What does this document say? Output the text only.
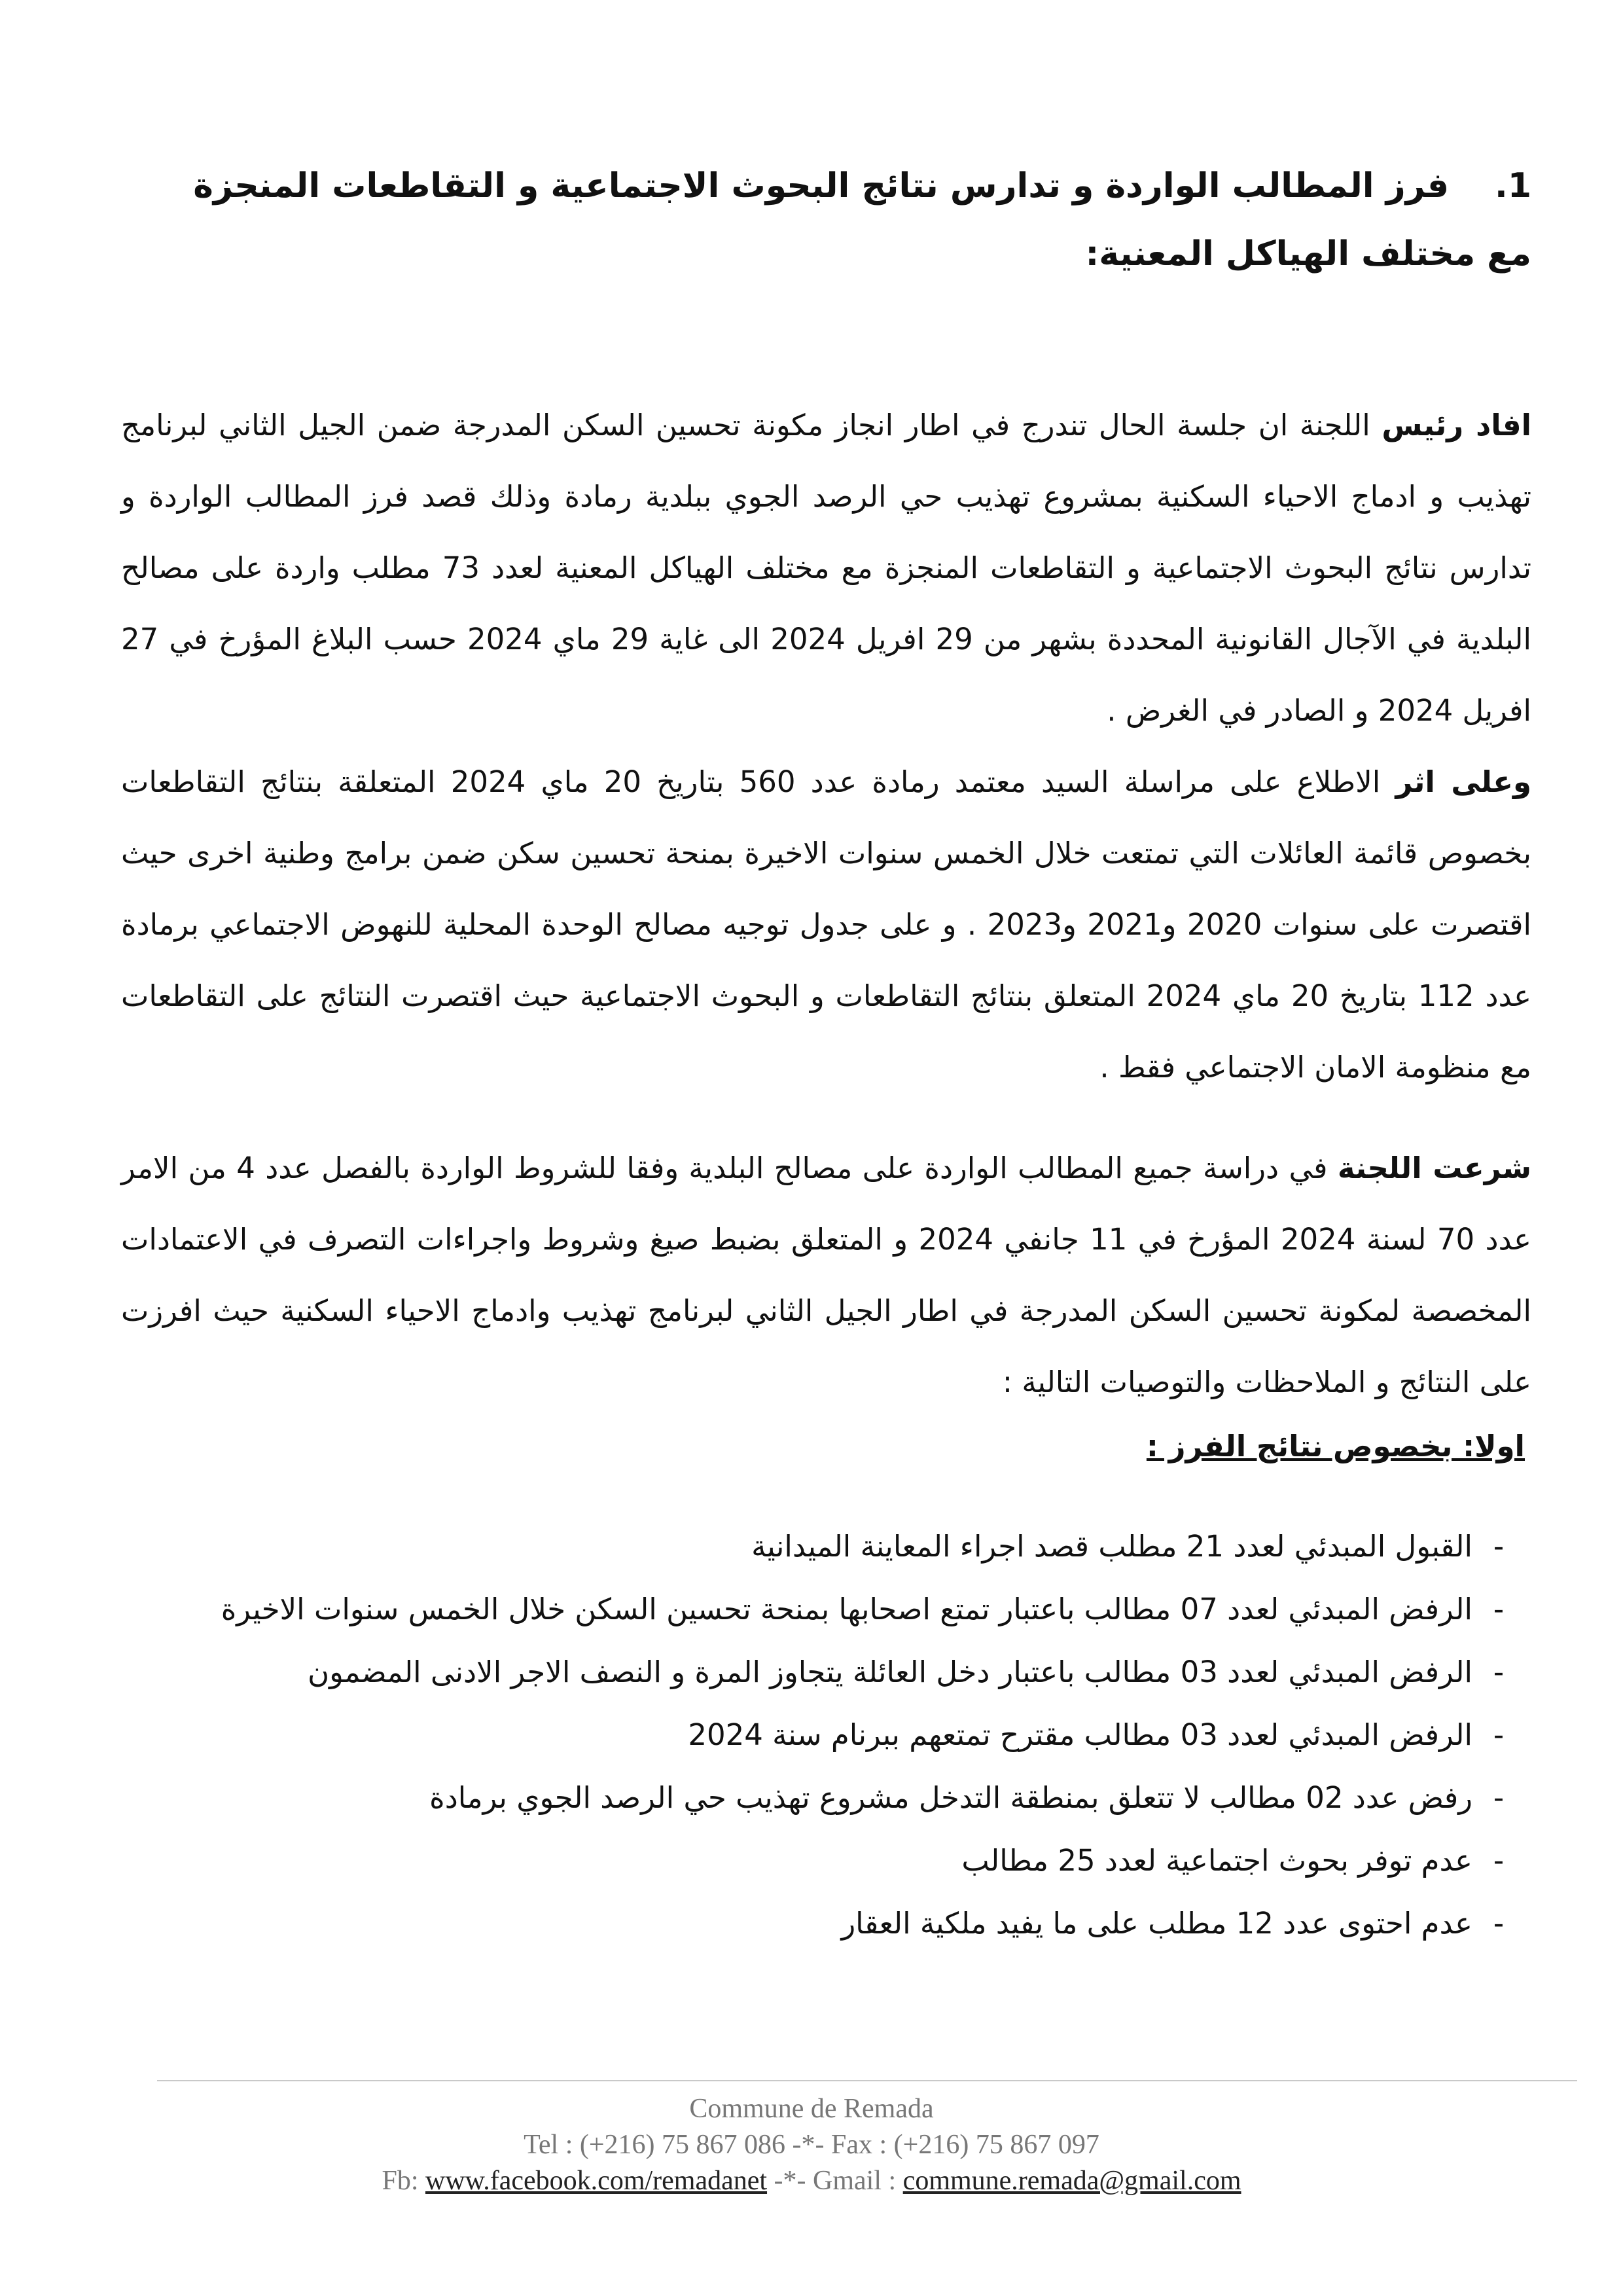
1.فرز المطالب الواردة و تدارس نتائج البحوث الاجتماعية و التقاطعات المنجزة مع مختلف الهياكل المعنية:

افاد رئيس اللجنة ان جلسة الحال تندرج في اطار انجاز مكونة تحسين السكن المدرجة ضمن الجيل الثاني لبرنامج تهذيب و ادماج الاحياء السكنية بمشروع تهذيب حي الرصد الجوي ببلدية رمادة وذلك قصد فرز المطالب الواردة و تدارس نتائج البحوث الاجتماعية و التقاطعات المنجزة مع مختلف الهياكل المعنية لعدد 73 مطلب واردة على مصالح البلدية في الآجال القانونية المحددة بشهر من 29 افريل 2024 الى غاية 29 ماي 2024 حسب البلاغ المؤرخ في 27 افريل 2024 و الصادر في الغرض .

وعلى اثر الاطلاع على مراسلة السيد معتمد رمادة عدد 560 بتاريخ 20 ماي 2024 المتعلقة بنتائج التقاطعات بخصوص قائمة العائلات التي تمتعت خلال الخمس سنوات الاخيرة بمنحة تحسين سكن ضمن برامج وطنية اخرى حيث اقتصرت على سنوات 2020 و2021 و2023 . و على جدول توجيه مصالح الوحدة المحلية للنهوض الاجتماعي برمادة عدد 112 بتاريخ 20 ماي 2024 المتعلق بنتائج التقاطعات و البحوث الاجتماعية حيث اقتصرت النتائج على التقاطعات مع منظومة الامان الاجتماعي فقط .

شرعت اللجنة في دراسة جميع المطالب الواردة على مصالح البلدية وفقا للشروط الواردة بالفصل عدد 4 من الامر عدد 70 لسنة 2024 المؤرخ في 11 جانفي 2024 و المتعلق بضبط صيغ وشروط واجراءات التصرف في الاعتمادات المخصصة لمكونة تحسين السكن المدرجة في اطار الجيل الثاني لبرنامج تهذيب وادماج الاحياء السكنية حيث افرزت على النتائج و الملاحظات والتوصيات التالية :

اولا: بخصوص نتائج الفرز :
-القبول المبدئي لعدد 21 مطلب قصد اجراء المعاينة الميدانية
-الرفض المبدئي لعدد 07 مطالب باعتبار تمتع اصحابها بمنحة تحسين السكن خلال الخمس سنوات الاخيرة
-الرفض المبدئي لعدد 03 مطالب باعتبار دخل العائلة يتجاوز المرة و النصف الاجر الادنى المضمون
-الرفض المبدئي لعدد 03 مطالب مقترح تمتعهم ببرنام سنة 2024
-رفض عدد 02 مطالب لا تتعلق بمنطقة التدخل مشروع تهذيب حي الرصد الجوي برمادة
-عدم توفر بحوث اجتماعية لعدد 25 مطالب
-عدم احتوى عدد 12 مطلب على ما يفيد ملكية العقار
Commune de Remada
Tel : (+216) 75 867 086 -*- Fax : (+216) 75 867 097
Fb: www.facebook.com/remadanet -*- Gmail : commune.remada@gmail.com
